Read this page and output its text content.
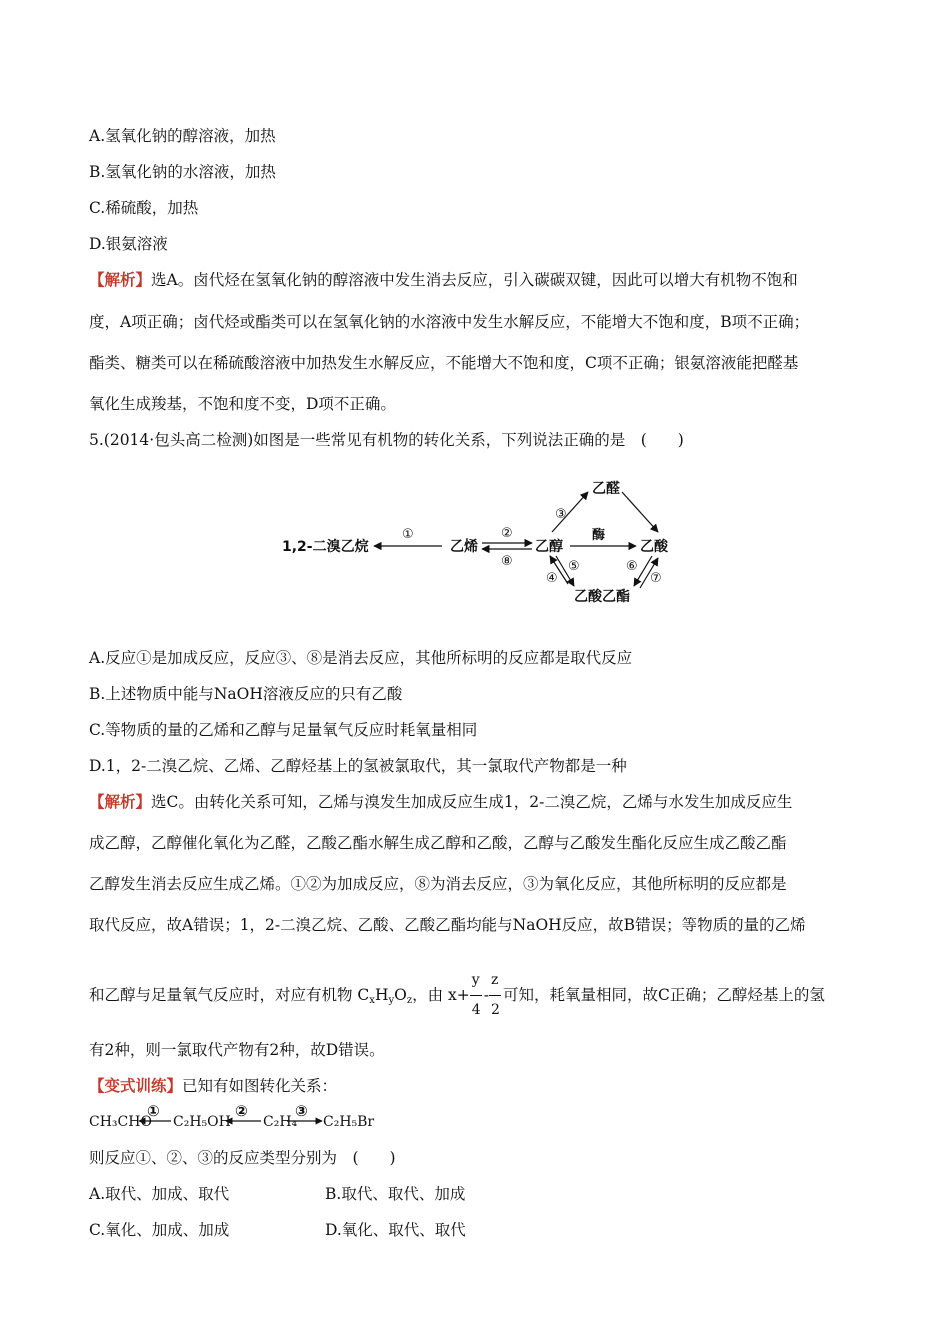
A.氢氧化钠的醇溶液，加热
B.氢氧化钠的水溶液，加热
C.稀硫酸，加热
D.银氨溶液
【解析】选A。卤代烃在氢氧化钠的醇溶液中发生消去反应，引入碳碳双键，因此可以增大有机物不饱和
度，A项正确；卤代烃或酯类可以在氢氧化钠的水溶液中发生水解反应，不能增大不饱和度，B项不正确；
酯类、糖类可以在稀硫酸溶液中加热发生水解反应，不能增大不饱和度，C项不正确；银氨溶液能把醛基
氧化生成羧基，不饱和度不变，D项不正确。
5.(2014·包头高二检测)如图是一些常见有机物的转化关系，下列说法正确的是　(　　)
1,2-二溴乙烷	乙烯	乙醇
乙醛
乙酸
乙酸乙酯
①	②
⑧
③
酶
④
⑤	⑥
⑦
A.反应①是加成反应，反应③、⑧是消去反应，其他所标明的反应都是取代反应
B.上述物质中能与NaOH溶液反应的只有乙酸
C.等物质的量的乙烯和乙醇与足量氧气反应时耗氧量相同
D.1，2-二溴乙烷、乙烯、乙醇烃基上的氢被氯取代，其一氯取代产物都是一种
【解析】选C。由转化关系可知，乙烯与溴发生加成反应生成1，2-二溴乙烷，乙烯与水发生加成反应生
成乙醇，乙醇催化氧化为乙醛，乙酸乙酯水解生成乙醇和乙酸，乙醇与乙酸发生酯化反应生成乙酸乙酯
乙醇发生消去反应生成乙烯。①②为加成反应，⑧为消去反应，③为氧化反应，其他所标明的反应都是
取代反应，故A错误；1，2-二溴乙烷、乙酸、乙酸乙酯均能与NaOH反应，故B错误；等物质的量的乙烯
和乙醇与足量氧气反应时，对应有机物 $C_xH_yO_z$，由 $x+ \frac{y}{4} - \frac{z}{2}$ 可知，耗氧量相同，故C正确；乙醇烃基上的氢
有2种，则一氯取代产物有2种，故D错误。
【变式训练】已知有如图转化关系：
CH₃CHO
①
C₂H₅OH
②
C₂H₄
③
C₂H₅Br
则反应①、②、③的反应类型分别为　(　　)
A.取代、加成、取代	B.取代、取代、加成
C.氧化、加成、加成	D.氧化、取代、取代
